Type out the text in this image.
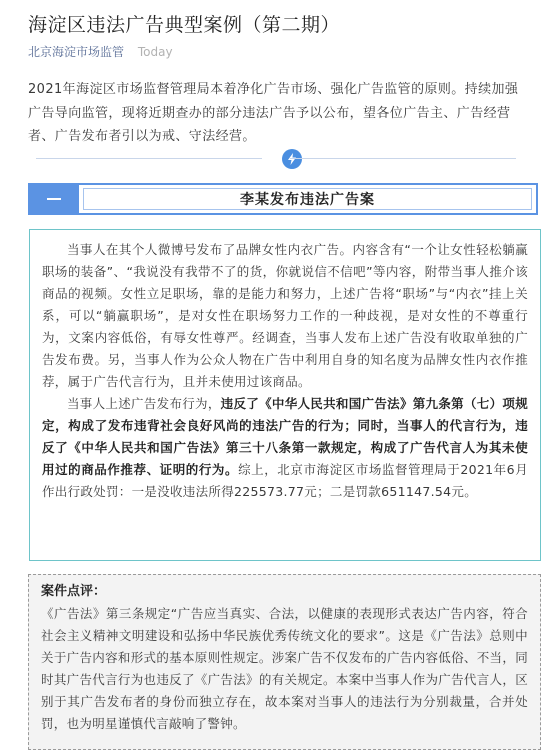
海淀区违法广告典型案例（第二期）
北京海淀市场监管 Today
2021年海淀区市场监督管理局本着净化广告市场、强化广告监管的原则。持续加强广告导向监管，现将近期查办的部分违法广告予以公布，望各位广告主、广告经营者、广告发布者引以为戒、守法经营。
李某发布违法广告案

当事人在其个人微博号发布了品牌女性内衣广告。内容含有“一个让女性轻松躺赢职场的装备”、“我说没有我带不了的货，你就说信不信吧”等内容，附带当事人推介该商品的视频。女性立足职场，靠的是能力和努力，上述广告将“职场”与“内衣”挂上关系，可以“躺赢职场”，是对女性在职场努力工作的一种歧视，是对女性的不尊重行为，文案内容低俗，有辱女性尊严。经调查，当事人发布上述广告没有收取单独的广告发布费。另，当事人作为公众人物在广告中利用自身的知名度为品牌女性内衣作推荐，属于广告代言行为，且并未使用过该商品。

当事人上述广告发布行为，违反了《中华人民共和国广告法》第九条第（七）项规定，构成了发布违背社会良好风尚的违法广告的行为；同时，当事人的代言行为，违反了《中华人民共和国广告法》第三十八条第一款规定，构成了广告代言人为其未使用过的商品作推荐、证明的行为。综上，北京市海淀区市场监督管理局于2021年6月作出行政处罚：一是没收违法所得225573.77元；二是罚款651147.54元。

案件点评：
《广告法》第三条规定“广告应当真实、合法，以健康的表现形式表达广告内容，符合社会主义精神文明建设和弘扬中华民族优秀传统文化的要求”。这是《广告法》总则中关于广告内容和形式的基本原则性规定。涉案广告不仅发布的广告内容低俗、不当，同时其广告代言行为也违反了《广告法》的有关规定。本案中当事人作为广告代言人，区别于其广告发布者的身份而独立存在，故本案对当事人的违法行为分别裁量，合并处罚，也为明星谨慎代言敲响了警钟。
